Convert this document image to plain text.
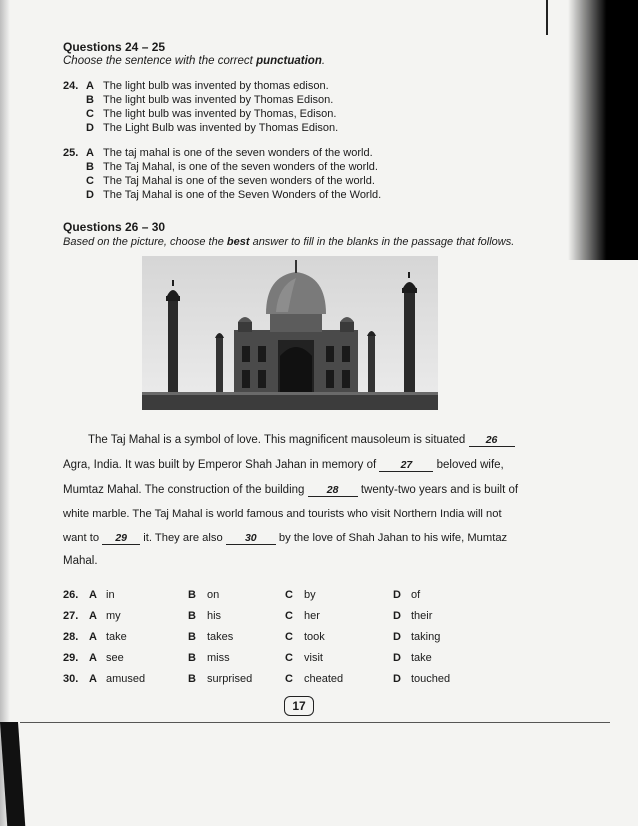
Questions 24 – 25
Choose the sentence with the correct punctuation.
24. A The light bulb was invented by thomas edison.
B The light bulb was invented by Thomas Edison.
C The light bulb was invented by Thomas, Edison.
D The Light Bulb was invented by Thomas Edison.
25. A The taj mahal is one of the seven wonders of the world.
B The Taj Mahal, is one of the seven wonders of the world.
C The Taj Mahal is one of the seven wonders of the world.
D The Taj Mahal is one of the Seven Wonders of the World.
Questions 26 – 30
Based on the picture, choose the best answer to fill in the blanks in the passage that follows.
The Taj Mahal is a symbol of love. This magnificent mausoleum is situated 26
Agra, India. It was built by Emperor Shah Jahan in memory of 27 beloved wife,
Mumtaz Mahal. The construction of the building 28 twenty-two years and is built of
white marble. The Taj Mahal is world famous and tourists who visit Northern India will not
want to 29 it. They are also 30 by the love of Shah Jahan to his wife, Mumtaz
Mahal.
26. A in	B on	C by	D of
27. A my	B his	C her	D their
28. A take	B takes	C took	D taking
29. A see	B miss	C visit	D take
30. A amused	B surprised	C cheated	D touched
17
